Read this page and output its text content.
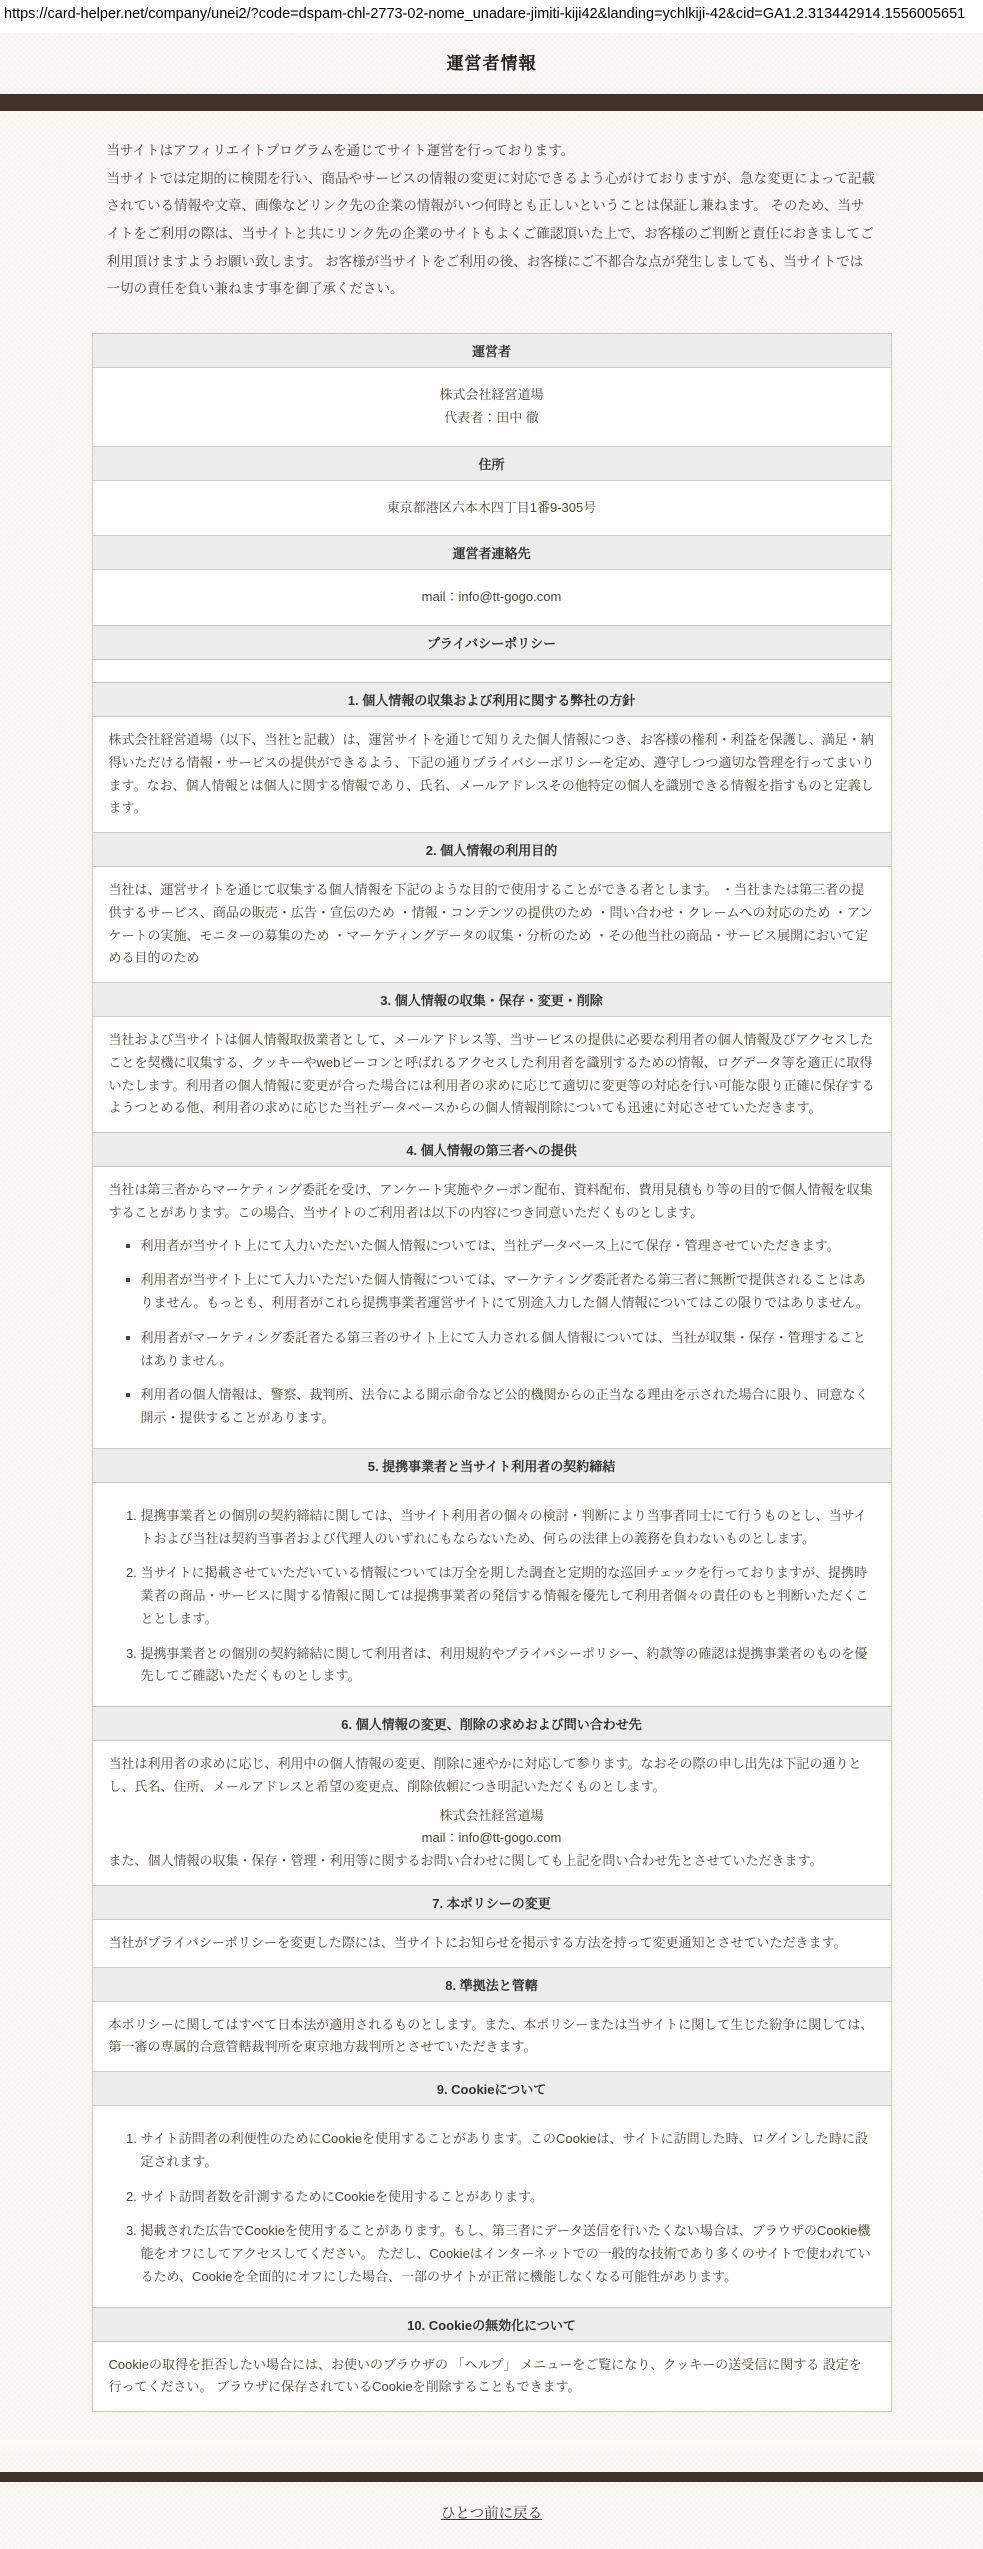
https://card-helper.net/company/unei2/?code=dspam-chl-2773-02-nome_unadare-jimiti-kiji42&landing=ychlkiji-42&cid=GA1.2.313442914.1556005651
運営者情報

当サイトはアフィリエイトプログラムを通じてサイト運営を行っております。

当サイトでは定期的に検閲を行い、商品やサービスの情報の変更に対応できるよう心がけておりますが、急な変更によって記載されている情報や文章、画像などリンク先の企業の情報がいつ何時とも正しいということは保証し兼ねます。 そのため、当サイトをご利用の際は、当サイトと共にリンク先の企業のサイトもよくご確認頂いた上で、お客様のご判断と責任におきましてご利用頂けますようお願い致します。 お客様が当サイトをご利用の後、お客様にご不都合な点が発生しましても、当サイトでは一切の責任を負い兼ねます事を御了承ください。

運営者

株式会社経営道場
代表者：田中 徹

住所

東京都港区六本木四丁目1番9-305号

運営者連絡先

mail：info@tt-gogo.com

プライバシーポリシー

1. 個人情報の収集および利用に関する弊社の方針

株式会社経営道場（以下、当社と記載）は、運営サイトを通じて知りえた個人情報につき、お客様の権利・利益を保護し、満足・納得いただける情報・サービスの提供ができるよう、下記の通りプライバシーポリシーを定め、遵守しつつ適切な管理を行ってまいります。なお、個人情報とは個人に関する情報であり、氏名、メールアドレスその他特定の個人を識別できる情報を指すものと定義します。

2. 個人情報の利用目的

当社は、運営サイトを通じて収集する個人情報を下記のような目的で使用することができる者とします。 ・当社または第三者の提供するサービス、商品の販売・広告・宣伝のため ・情報・コンテンツの提供のため ・問い合わせ・クレームへの対応のため ・アンケートの実施、モニターの募集のため ・マーケティングデータの収集・分析のため ・その他当社の商品・サービス展開において定める目的のため

3. 個人情報の収集・保存・変更・削除

当社および当サイトは個人情報取扱業者として、メールアドレス等、当サービスの提供に必要な利用者の個人情報及びアクセスしたことを契機に収集する、クッキーやwebビーコンと呼ばれるアクセスした利用者を識別するための情報、ログデータ等を適正に取得いたします。利用者の個人情報に変更が合った場合には利用者の求めに応じて適切に変更等の対応を行い可能な限り正確に保存するようつとめる他、利用者の求めに応じた当社データベースからの個人情報削除についても迅速に対応させていただきます。

4. 個人情報の第三者への提供

当社は第三者からマーケティング委託を受け、アンケート実施やクーポン配布、資料配布、費用見積もり等の目的で個人情報を収集することがあります。この場合、当サイトのご利用者は以下の内容につき同意いただくものとします。

▪ 利用者が当サイト上にて入力いただいた個人情報については、当社データベース上にて保存・管理させていただきます。
▪ 利用者が当サイト上にて入力いただいた個人情報については、マーケティング委託者たる第三者に無断で提供されることはありません。もっとも、利用者がこれら提携事業者運営サイトにて別途入力した個人情報についてはこの限りではありません。
▪ 利用者がマーケティング委託者たる第三者のサイト上にて入力される個人情報については、当社が収集・保存・管理することはありません。
▪ 利用者の個人情報は、警察、裁判所、法令による開示命令など公的機関からの正当なる理由を示された場合に限り、同意なく開示・提供することがあります。

5. 提携事業者と当サイト利用者の契約締結

1. 提携事業者との個別の契約締結に関しては、当サイト利用者の個々の検討・判断により当事者同士にて行うものとし、当サイトおよび当社は契約当事者および代理人のいずれにもならないため、何らの法律上の義務を負わないものとします。
2. 当サイトに掲載させていただいている情報については万全を期した調査と定期的な巡回チェックを行っておりますが、提携時業者の商品・サービスに関する情報に関しては提携事業者の発信する情報を優先して利用者個々の責任のもと判断いただくこととします。
3. 提携事業者との個別の契約締結に関して利用者は、利用規約やプライバシーポリシー、約款等の確認は提携事業者のものを優先してご確認いただくものとします。

6. 個人情報の変更、削除の求めおよび問い合わせ先

当社は利用者の求めに応じ、利用中の個人情報の変更、削除に速やかに対応して参ります。なおその際の申し出先は下記の通りとし、氏名、住所、メールアドレスと希望の変更点、削除依頼につき明記いただくものとします。

株式会社経営道場
mail：info@tt-gogo.com

また、個人情報の収集・保存・管理・利用等に関するお問い合わせに関しても上記を問い合わせ先とさせていただきます。

7. 本ポリシーの変更

当社がプライバシーポリシーを変更した際には、当サイトにお知らせを掲示する方法を持って変更通知とさせていただきます。

8. 準拠法と管轄

本ポリシーに関してはすべて日本法が適用されるものとします。また、本ポリシーまたは当サイトに関して生じた紛争に関しては、第一審の専属的合意管轄裁判所を東京地方裁判所とさせていただきます。

9. Cookieについて

1. サイト訪問者の利便性のためにCookieを使用することがあります。このCookieは、サイトに訪問した時、ログインした時に設定されます。
2. サイト訪問者数を計測するためにCookieを使用することがあります。
3. 掲載された広告でCookieを使用することがあります。もし、第三者にデータ送信を行いたくない場合は、ブラウザのCookie機能をオフにしてアクセスしてください。 ただし、Cookieはインターネットでの一般的な技術であり多くのサイトで使われているため、Cookieを全面的にオフにした場合、一部のサイトが正常に機能しなくなる可能性があります。

10. Cookieの無効化について

Cookieの取得を拒否したい場合には、お使いのブラウザの 「ヘルプ」 メニューをご覧になり、クッキーの送受信に関する 設定を行ってください。 ブラウザに保存されているCookieを削除することもできます。

ひとつ前に戻る
